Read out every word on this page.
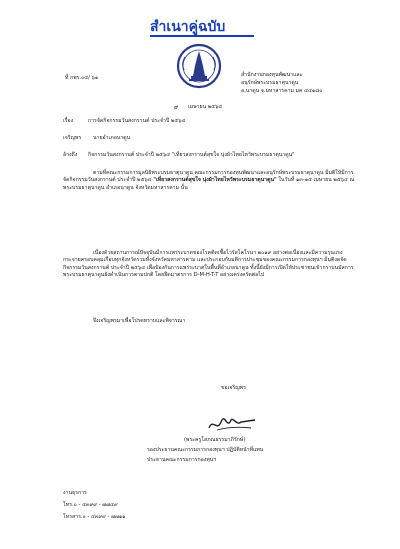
สำเนาคู่ฉบับ
ที่ กพร.๐๔/ ๖๑	สำนักงานกองทุนพัฒนาและ
อนุรักษ์พระบรมธาตุนาดูน
อ.นาดูน จ.มหาสารคาม มค ๔๔๑๘๐
๙ เมษายน ๒๕๖๔
เรื่อง	การจัดกิจกรรมวันสงกรานต์ ประจำปี ๒๕๖๔
เจริญพร นายอำเภอนาดูน
อ้างถึง กิจกรรมวันสงกรานต์ ประจำปี ๒๕๖๔ "เที่ยวสงกรานต์สุขใจ นุ่งผ้าไทยไหว้พระบรมธาตุนาดูน"
ตามที่คณะกรรมการมูลนิธิพระบรมธาตุนาดูน คณะกรรมการกองทุนพัฒนาและอนุรักษ์พระบรมธาตุนาดูน มีมติให้มีการจัดกิจกรรมวันสงกรานต์ ประจำปี ๒๕๖๔ "เที่ยวสงกรานต์สุขใจ นุ่งผ้าไทยไหว้พระบรมธาตุนาดูน" ในวันที่ ๑๓-๑๕ เมษายน ๒๕๖๔ ณ พระบรมธาตุนาดูน อำเภอนาดูน จังหวัดมหาสารคาม นั้น
เนื่องด้วยสถานการณ์ปัจจุบันมีการแพร่ระบาดของโรคติดเชื้อไวรัสโคโรนา ๒๐๑๙ อย่างต่อเนื่องและมีความรุนแรงกระจายครอบคลุมเกือบทุกจังหวัดรวมทั้งจังหวัดมหาสารคาม และประกอบกับมติการประชุมของคณะกรรมการกองทุนฯ มีมติงดจัดกิจกรรมวันสงกรานต์ ประจำปี ๒๕๖๔ เพื่อป้องกันการแพร่ระบาดในพื้นที่อำเภอนาดูน ทั้งนี้ยังมีการเปิดให้ประชาชนเข้ากราบนมัสการพระบรมธาตุนาดูนยังดำเนินการตามปกติ โดยยึดมาตรการ D-M-H-T-T อย่างเคร่งครัดต่อไป
จึงเจริญพรมาเพื่อโปรดทราบและพิจารณา
ขอเจริญพร
(พระครูโสภณธรรมาภิรักษ์)
รองประธานคณะกรรมการกองทุนฯ ปฏิบัติหน้าที่แทน
ประธานคณะกรรมการกองทุนฯ
งานธุรการ
โทร.๐ - ๔๓๙๙ - ๗๗๔๙
โทรสาร.๐ - ๔๓๙๙ - ๗๗๑๑
